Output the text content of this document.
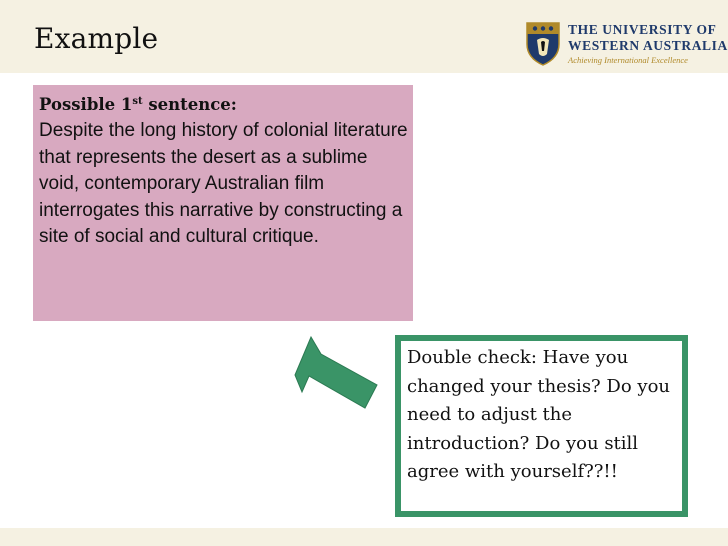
Example	THE UNIVERSITY OF
WESTERN AUSTRALIA
Achieving International Excellence
Possible 1st sentence:
Despite the long history of colonial literature that represents the desert as a sublime void, contemporary Australian film interrogates this narrative by constructing a site of social and cultural critique.
Double check: Have you changed your thesis? Do you need to adjust the introduction? Do you still agree with yourself??!!
